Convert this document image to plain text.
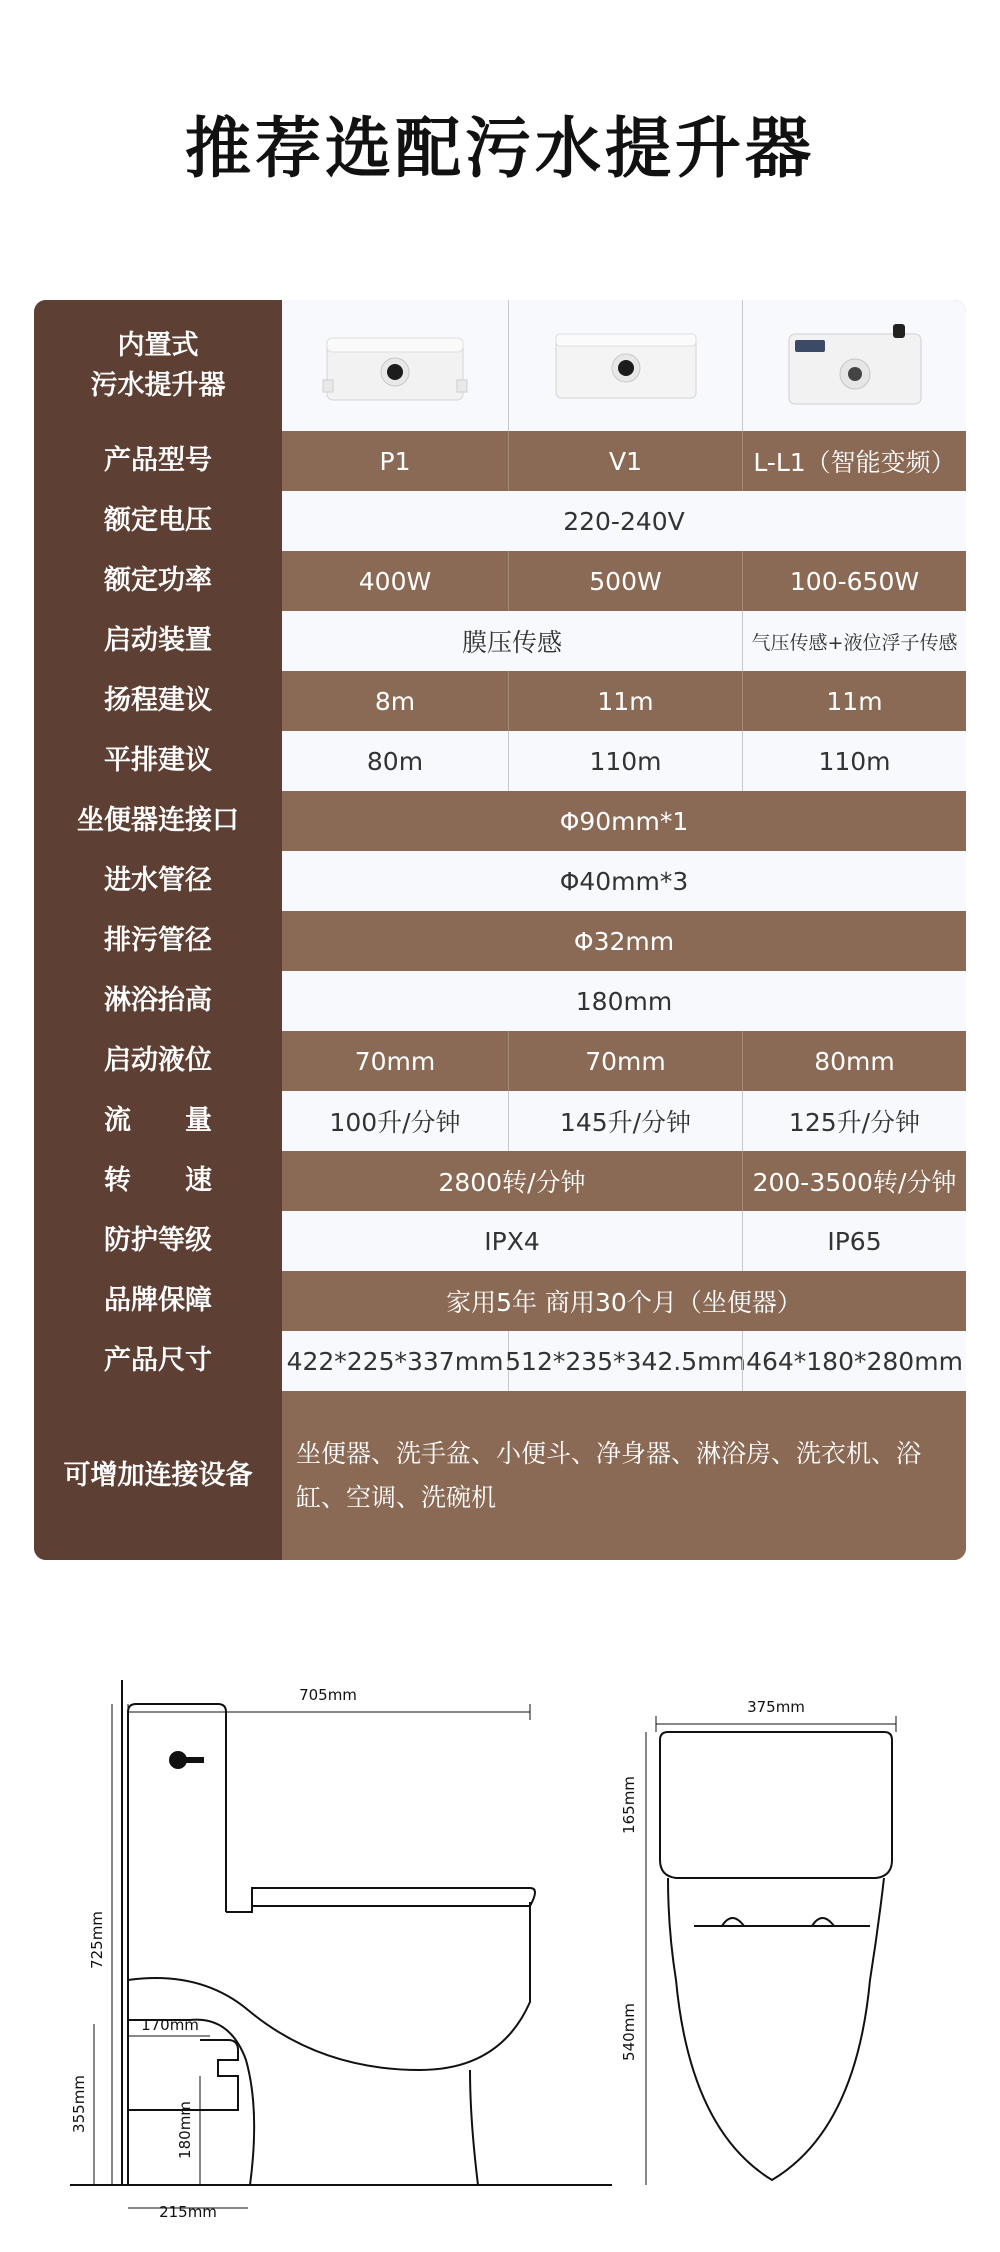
推荐选配污水提升器
内置式
污水提升器
产品型号	P1	V1	L-L1（智能变频）
额定电压	220-240V
额定功率	400W	500W	100-650W
启动装置	膜压传感	气压传感+液位浮子传感
扬程建议	8m	11m	11m
平排建议	80m	110m	110m
坐便器连接口	Φ90mm*1
进水管径	Φ40mm*3
排污管径	Φ32mm
淋浴抬高	180mm
启动液位	70mm	70mm	80mm
流　　量	100升/分钟	145升/分钟	125升/分钟
转　　速	2800转/分钟	200-3500转/分钟
防护等级	IPX4	IP65
品牌保障	家用5年 商用30个月（坐便器）
产品尺寸	422*225*337mm 512*235*342.5mm 464*180*280mm
可增加连接设备
坐便器、洗手盆、小便斗、净身器、淋浴房、洗衣机、浴缸、空调、洗碗机
705mm
725mm
355mm
170mm
180mm
215mm
375mm
165mm
540mm
